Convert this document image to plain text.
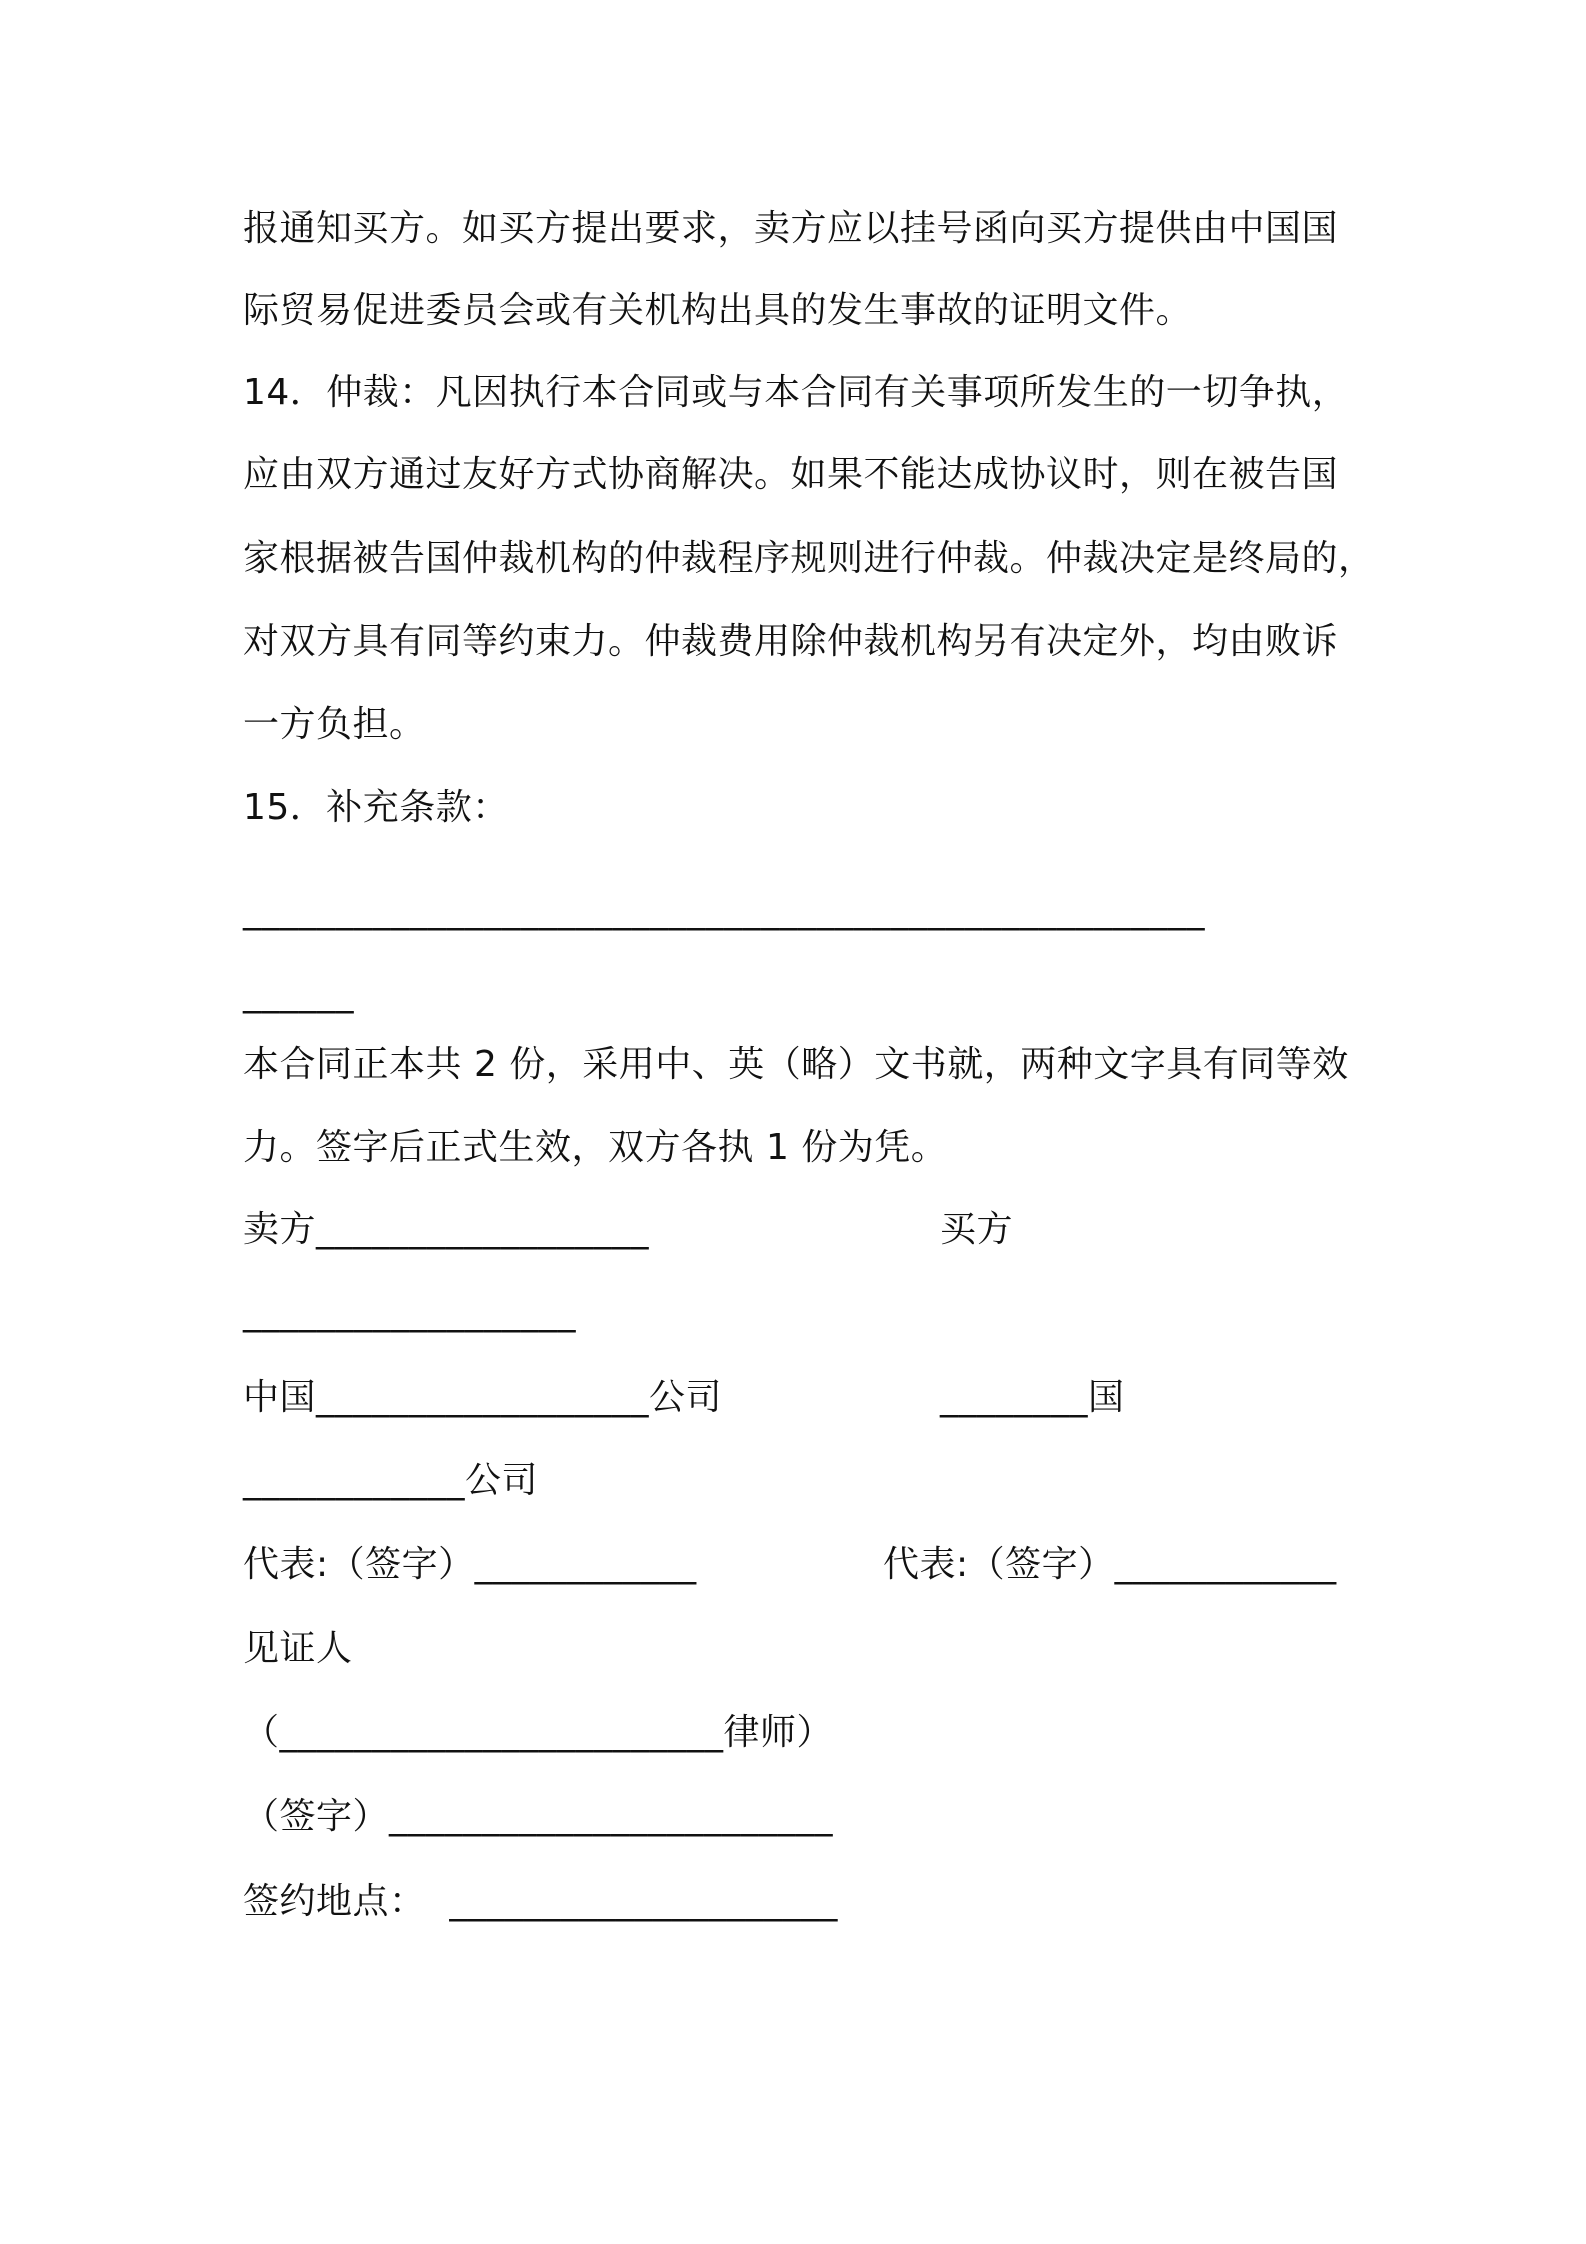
报通知买方。如买方提出要求，卖方应以挂号函向买方提供由中国国
际贸易促进委员会或有关机构出具的发生事故的证明文件。
14．仲裁：凡因执行本合同或与本合同有关事项所发生的一切争执，
应由双方通过友好方式协商解决。如果不能达成协议时，则在被告国
家根据被告国仲裁机构的仲裁程序规则进行仲裁。仲裁决定是终局的，
对双方具有同等约束力。仲裁费用除仲裁机构另有决定外，均由败诉
一方负担。
15．补充条款：
____________________________________________________
______
本合同正本共 2 份，采用中、英（略）文书就，两种文字具有同等效
力。签字后正式生效，双方各执 1 份为凭。
卖方__________________	买方
__________________
中国__________________公司	________国
____________公司
代表:（签字）____________	代表:（签字）____________
见证人
（________________________律师）
（签字）________________________
签约地点：  _____________________
